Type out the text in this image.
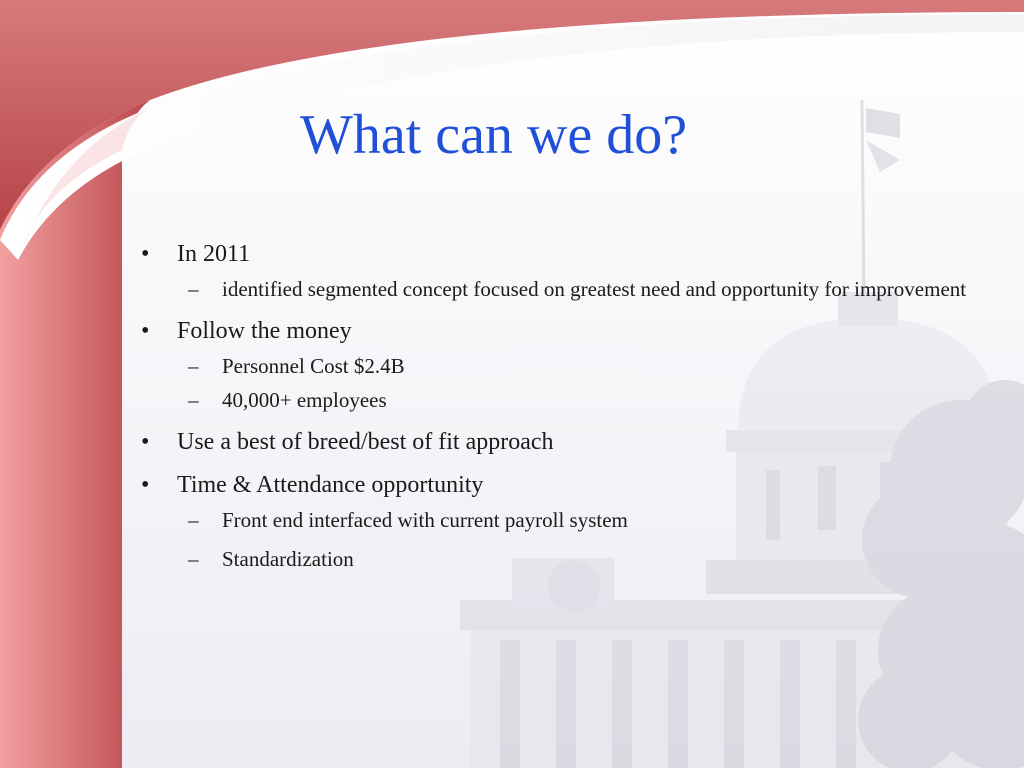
What can we do?
• In 2011
– identified segmented concept focused on greatest need and opportunity for improvement
• Follow the money
– Personnel Cost $2.4B
– 40,000+ employees
• Use a best of breed/best of fit approach
• Time & Attendance opportunity
– Front end interfaced with current payroll system
– Standardization
